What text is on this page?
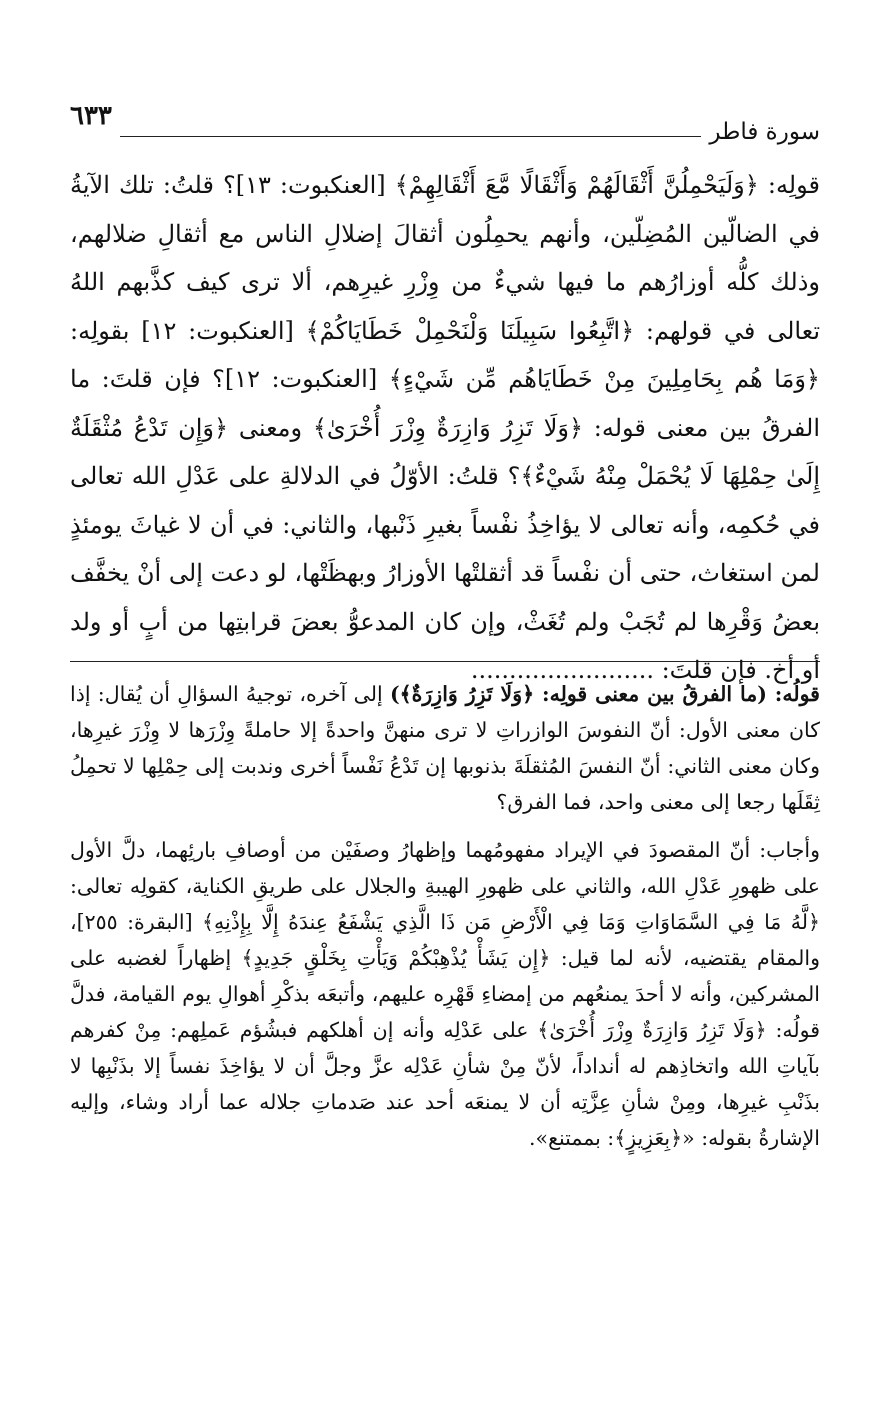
سورة فاطر
٦٣٣

قولِه: ﴿وَلَيَحْمِلُنَّ أَثْقَالَهُمْ وَأَثْقَالًا مَّعَ أَثْقَالِهِمْ﴾ [العنكبوت: ١٣]؟ قلتُ: تلك الآيةُ في الضالّين المُضِلّين، وأنهم يحمِلُون أثقالَ إضلالِ الناس مع أثقالِ ضلالهم، وذلك كلُّه أوزارُهم ما فيها شيءٌ من وِزْرِ غيرِهم، ألا ترى كيف كذَّبهم اللهُ تعالى في قولهم: ﴿اتَّبِعُوا سَبِيلَنَا وَلْنَحْمِلْ خَطَايَاكُمْ﴾ [العنكبوت: ١٢] بقولِه: ﴿وَمَا هُم بِحَامِلِينَ مِنْ خَطَايَاهُم مِّن شَيْءٍ﴾ [العنكبوت: ١٢]؟ فإن قلتَ: ما الفرقُ بين معنى قوله: ﴿وَلَا تَزِرُ وَازِرَةٌ وِزْرَ أُخْرَىٰ﴾ ومعنى ﴿وَإِن تَدْعُ مُثْقَلَةٌ إِلَىٰ حِمْلِهَا لَا يُحْمَلْ مِنْهُ شَيْءٌ﴾؟ قلتُ: الأوّلُ في الدلالةِ على عَدْلِ الله تعالى في حُكمِه، وأنه تعالى لا يؤاخِذُ نفْساً بغيرِ ذَنْبها، والثاني: في أن لا غياثَ يومئذٍ لمن استغاث، حتى أن نفْساً قد أثقلتْها الأوزارُ وبهظَتْها، لو دعت إلى أنْ يخفَّف بعضُ وَقْرِها لم تُجَبْ ولم تُغَثْ، وإن كان المدعوُّ بعضَ قرابتِها من أبٍ أو ولد أو أخ. فإن قلتَ: ........................

قولُه: (ما الفرقُ بين معنى قولِه: ﴿وَلَا تَزِرُ وَازِرَةٌ﴾) إلى آخره، توجيهُ السؤالِ أن يُقال: إذا كان معنى الأول: أنّ النفوسَ الوازراتِ لا ترى منهنَّ واحدةً إلا حاملةً وِزْرَها لا وِزْرَ غيرِها، وكان معنى الثاني: أنّ النفسَ المُثقلَةَ بذنوبها إن تَدْعُ نَفْساً أخرى وندبت إلى حِمْلِها لا تحمِلُ ثِقَلَها رجعا إلى معنى واحد، فما الفرق؟

وأجاب: أنّ المقصودَ في الإيراد مفهومُهما وإظهارُ وصفَيْن من أوصافِ بارئِهما، دلَّ الأول على ظهورِ عَدْلِ الله، والثاني على ظهورِ الهيبةِ والجلال على طريقِ الكناية، كقولِه تعالى: ﴿لَّهُ مَا فِي السَّمَاوَاتِ وَمَا فِي الْأَرْضِ مَن ذَا الَّذِي يَشْفَعُ عِندَهُ إِلَّا بِإِذْنِهِ﴾ [البقرة: ٢٥٥]، والمقام يقتضيه، لأنه لما قيل: ﴿إِن يَشَأْ يُذْهِبْكُمْ وَيَأْتِ بِخَلْقٍ جَدِيدٍ﴾ إظهاراً لغضبه على المشركين، وأنه لا أحدَ يمنعُهم من إمضاءِ قَهْرِه عليهم، وأتبعَه بذكْرِ أهوالِ يوم القيامة، فدلَّ قولُه: ﴿وَلَا تَزِرُ وَازِرَةٌ وِزْرَ أُخْرَىٰ﴾ على عَدْلِه وأنه إن أهلكهم فبشُؤم عَملِهم: مِنْ كفرهم بآياتِ الله واتخاذِهم له أنداداً، لأنّ مِنْ شأنِ عَدْلِه عزَّ وجلَّ أن لا يؤاخِذَ نفساً إلا بذَنْبِها لا بذَنْبِ غيرِها، ومِنْ شأنِ عِزَّتِه أن لا يمنعَه أحد عند صَدماتِ جلاله عما أراد وشاء، وإليه الإشارةُ بقوله: «﴿بِعَزِيزٍ﴾: بممتنع».
